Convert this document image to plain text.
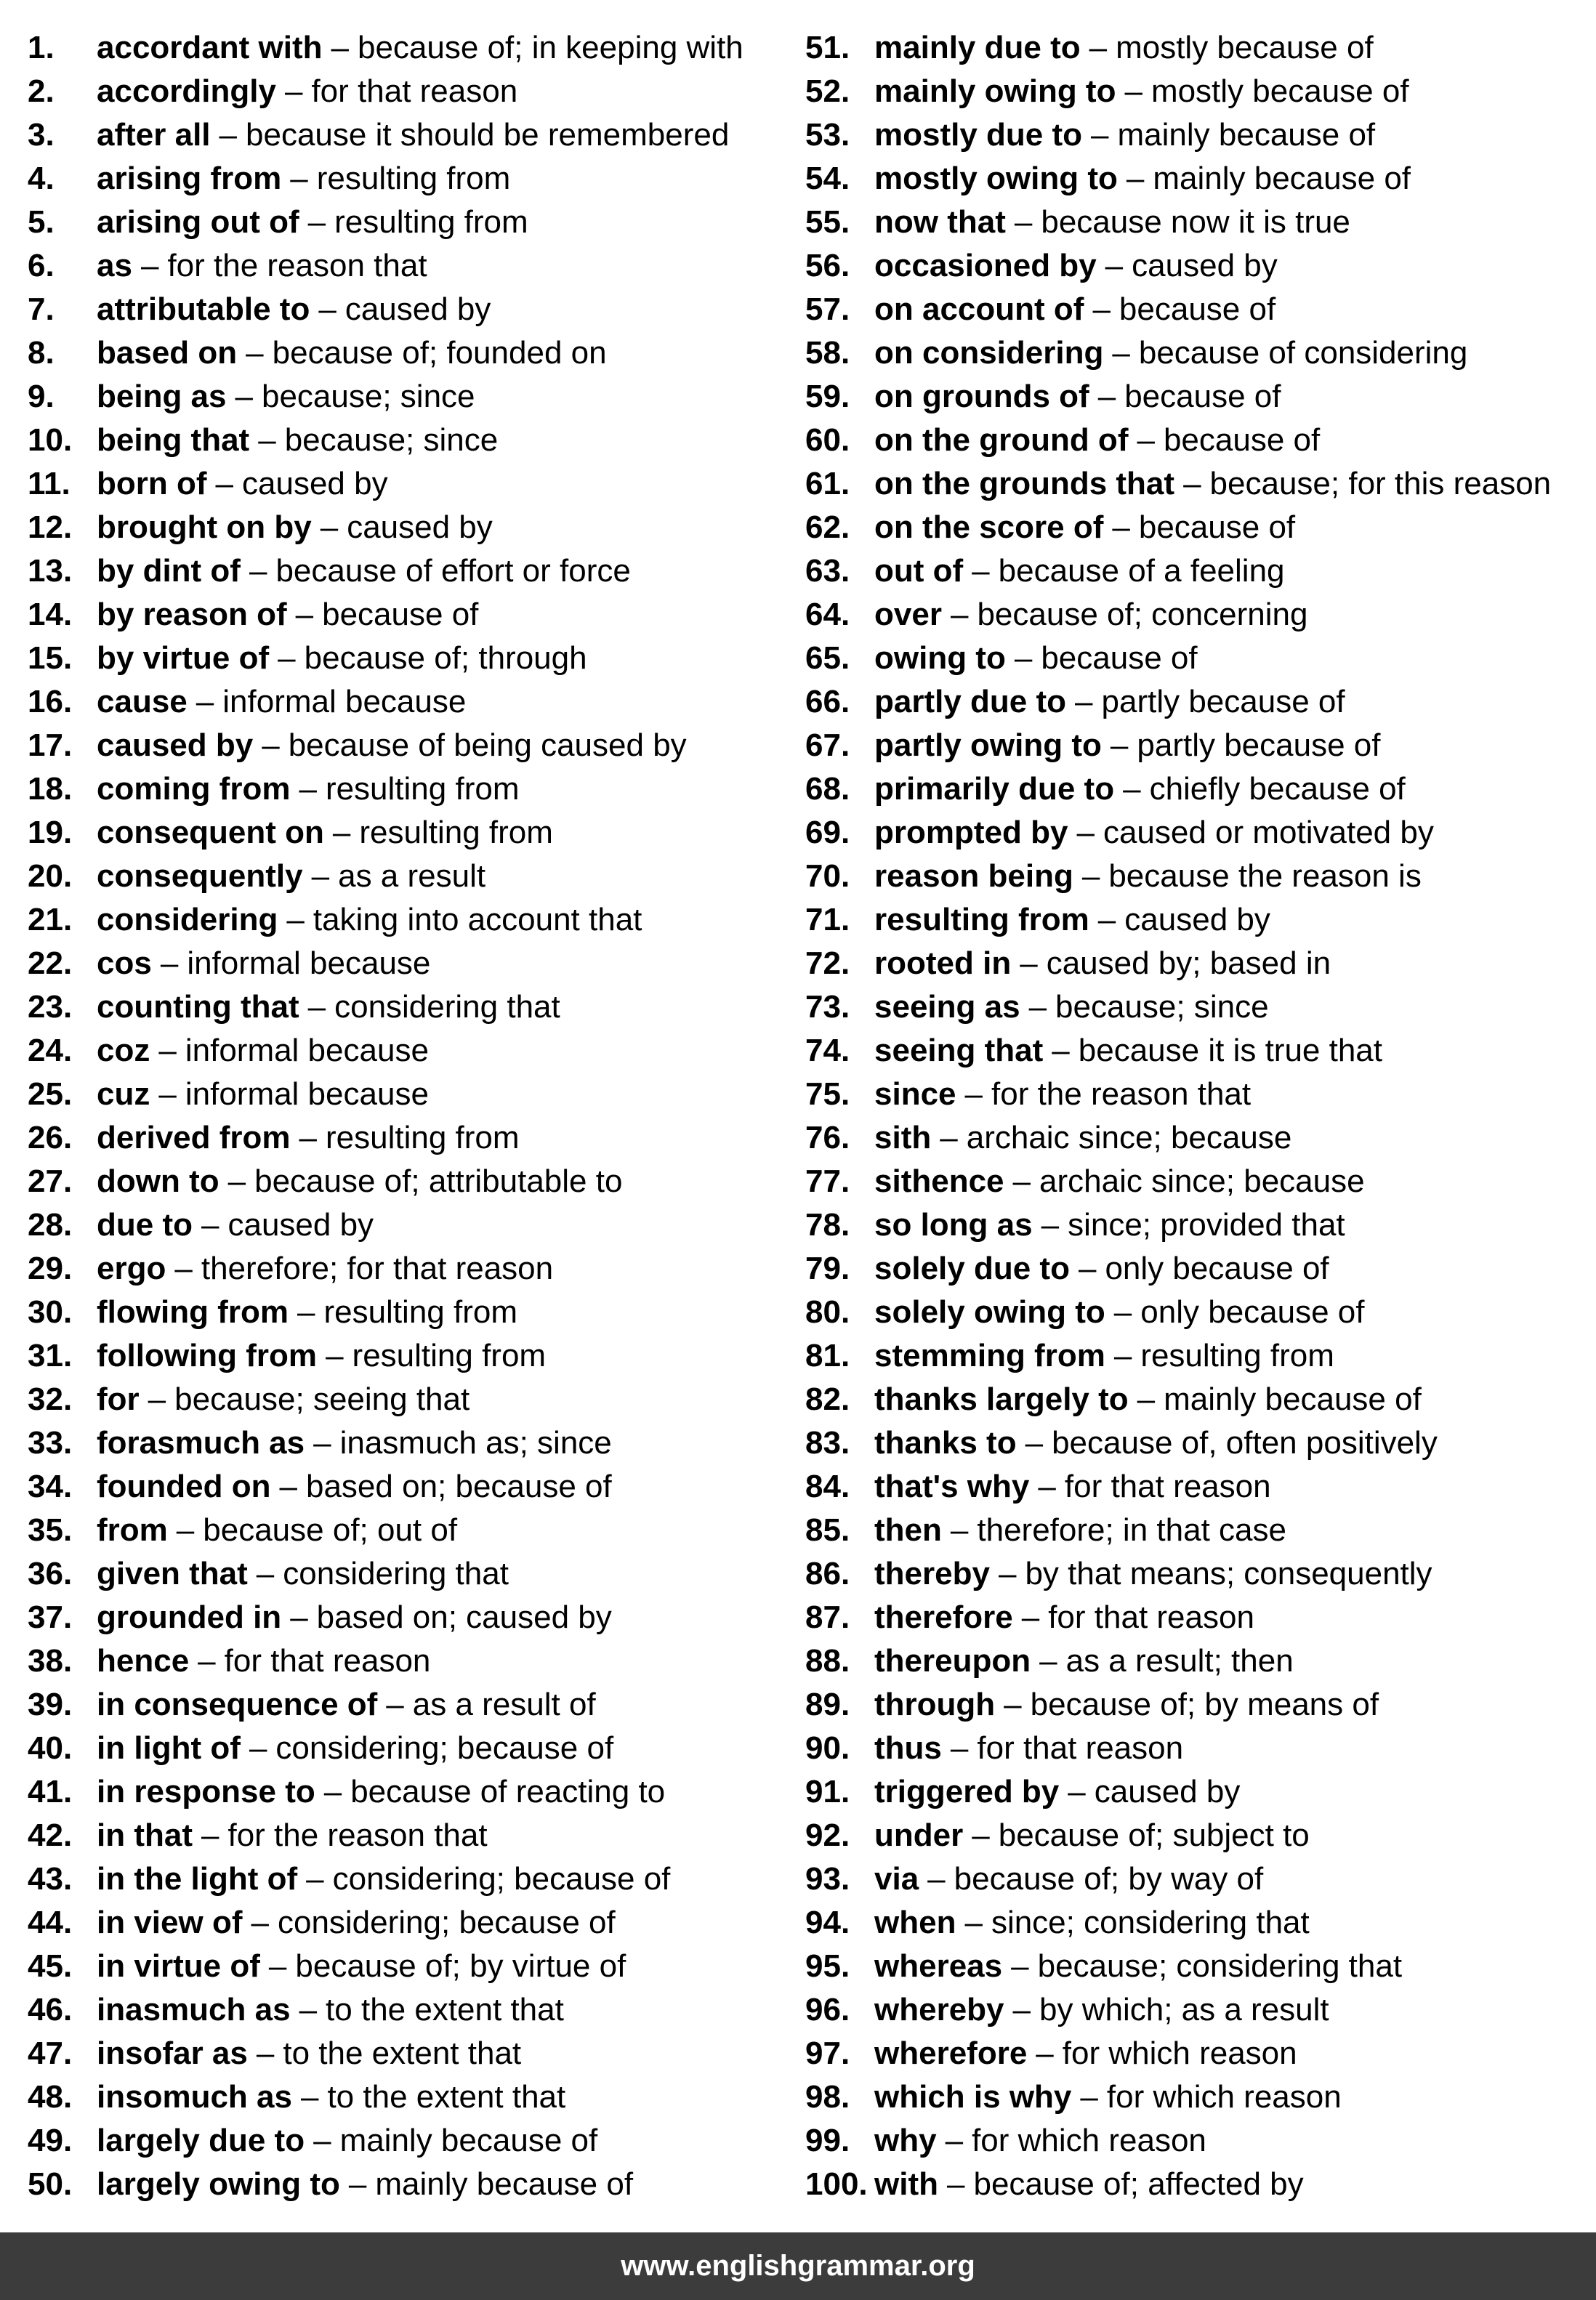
1.	accordant with – because of; in keeping with
2.	accordingly – for that reason
3.	after all – because it should be remembered
4.	arising from – resulting from
5.	arising out of – resulting from
6.	as – for the reason that
7.	attributable to – caused by
8.	based on – because of; founded on
9.	being as – because; since
10. being that – because; since
11. born of – caused by
12. brought on by – caused by
13. by dint of – because of effort or force
14. by reason of – because of
15. by virtue of – because of; through
16. cause – informal because
17. caused by – because of being caused by
18. coming from – resulting from
19. consequent on – resulting from
20. consequently – as a result
21. considering – taking into account that
22. cos – informal because
23. counting that – considering that
24. coz – informal because
25. cuz – informal because
26. derived from – resulting from
27. down to – because of; attributable to
28. due to – caused by
29. ergo – therefore; for that reason
30. flowing from – resulting from
31. following from – resulting from
32. for – because; seeing that
33. forasmuch as – inasmuch as; since
34. founded on – based on; because of
35. from – because of; out of
36. given that – considering that
37. grounded in – based on; caused by
38. hence – for that reason
39. in consequence of – as a result of
40. in light of – considering; because of
41. in response to – because of reacting to
42. in that – for the reason that
43. in the light of – considering; because of
44. in view of – considering; because of
45. in virtue of – because of; by virtue of
46. inasmuch as – to the extent that
47. insofar as – to the extent that
48. insomuch as – to the extent that
49. largely due to – mainly because of
50. largely owing to – mainly because of
51. mainly due to – mostly because of
52. mainly owing to – mostly because of
53. mostly due to – mainly because of
54. mostly owing to – mainly because of
55. now that – because now it is true
56. occasioned by – caused by
57. on account of – because of
58. on considering – because of considering
59. on grounds of – because of
60. on the ground of – because of
61. on the grounds that – because; for this reason
62. on the score of – because of
63. out of – because of a feeling
64. over – because of; concerning
65. owing to – because of
66. partly due to – partly because of
67. partly owing to – partly because of
68. primarily due to – chiefly because of
69. prompted by – caused or motivated by
70. reason being – because the reason is
71. resulting from – caused by
72. rooted in – caused by; based in
73. seeing as – because; since
74. seeing that – because it is true that
75. since – for the reason that
76. sith – archaic since; because
77. sithence – archaic since; because
78. so long as – since; provided that
79. solely due to – only because of
80. solely owing to – only because of
81. stemming from – resulting from
82. thanks largely to – mainly because of
83. thanks to – because of, often positively
84. that's why – for that reason
85. then – therefore; in that case
86. thereby – by that means; consequently
87. therefore – for that reason
88. thereupon – as a result; then
89. through – because of; by means of
90. thus – for that reason
91. triggered by – caused by
92. under – because of; subject to
93. via – because of; by way of
94. when – since; considering that
95. whereas – because; considering that
96. whereby – by which; as a result
97. wherefore – for which reason
98. which is why – for which reason
99. why – for which reason
100. with – because of; affected by
www.englishgrammar.org
